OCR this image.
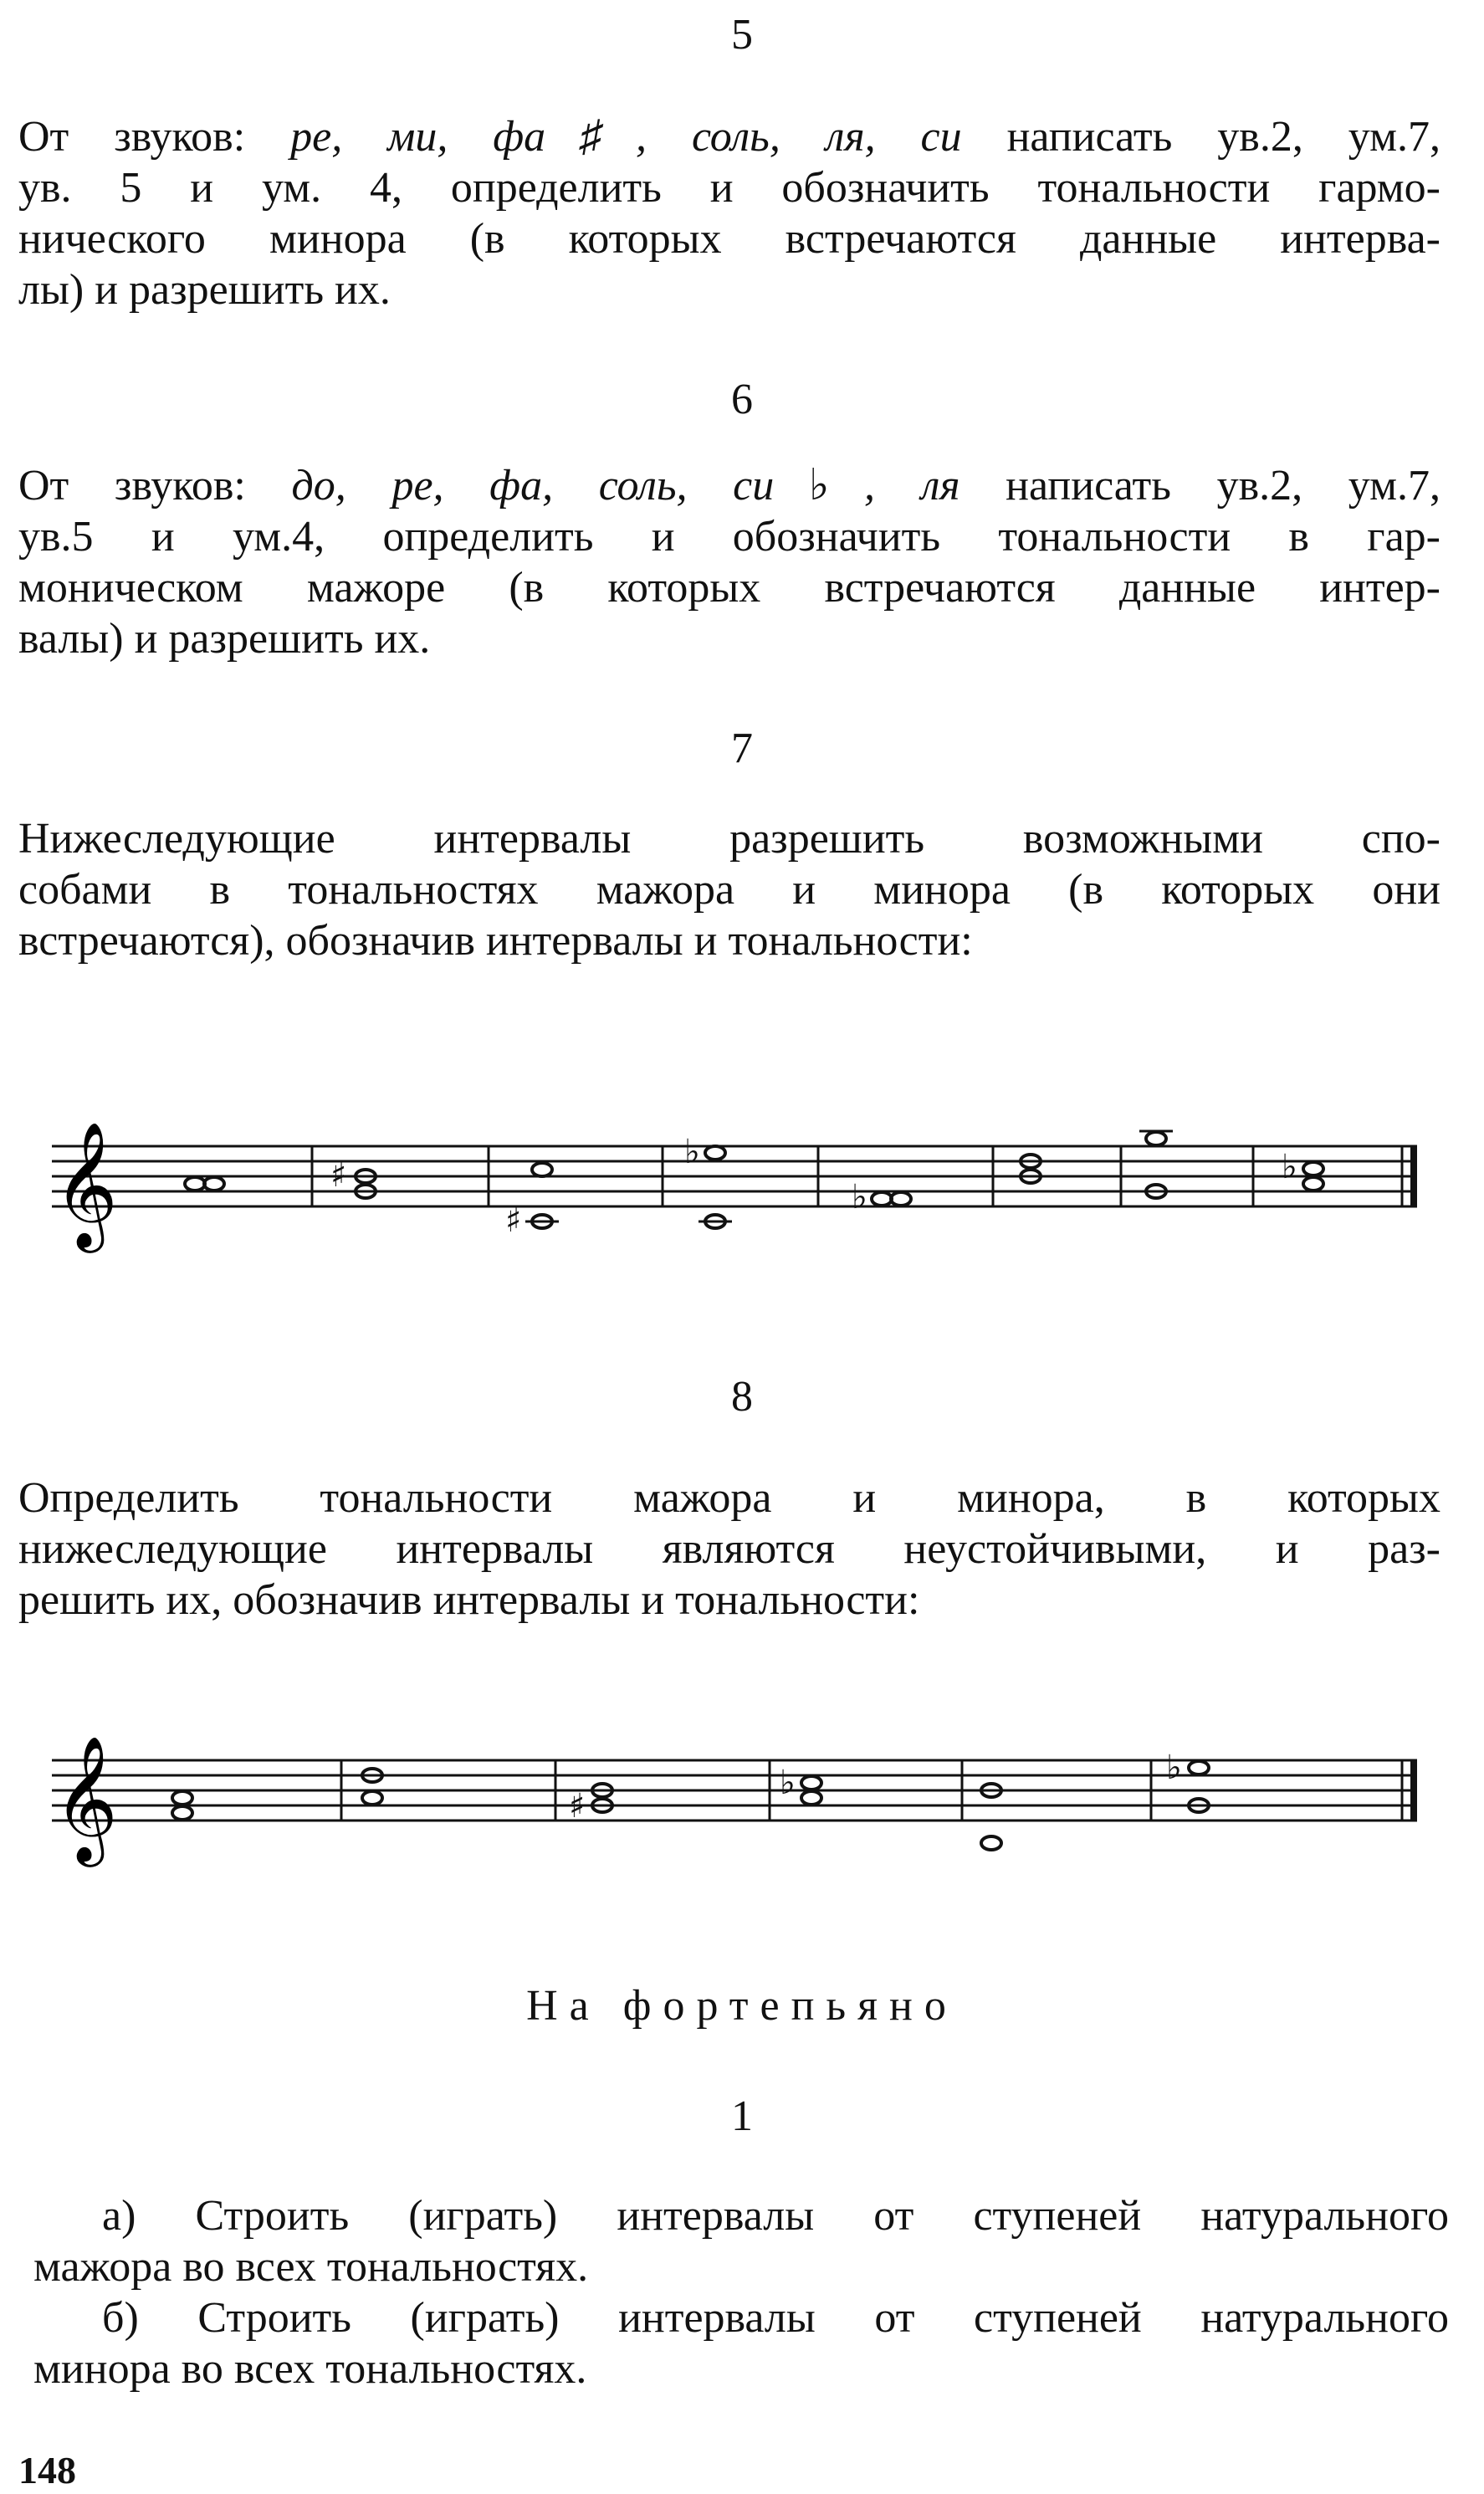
5
От звуков: ре, ми, фа♯, соль, ля, си написать ув.2, ум.7,
ув. 5 и ум. 4, определить и обозначить тональности гармо-
нического минора (в которых встречаются данные интерва-
лы) и разрешить их.
6
От звуков: до, ре, фа, соль, си♭, ля написать ув.2, ум.7,
ув.5 и ум.4, определить и обозначить тональности в гар-
моническом мажоре (в которых встречаются данные интер-
валы) и разрешить их.
7
Нижеследующие интервалы разрешить возможными спо-
собами в тональностях мажора и минора (в которых они
встречаются), обозначив интервалы и тональности:
𝄞	♯
♯
♭
♭
♭
8
Определить тональности мажора и минора, в которых
нижеследующие интервалы являются неустойчивыми, и раз-
решить их, обозначив интервалы и тональности:
𝄞	♯
♭	♭
На фортепьяно
1
а) Строить (играть) интервалы от ступеней натурального
мажора во всех тональностях.
б) Строить (играть) интервалы от ступеней натурального
минора во всех тональностях.
148
